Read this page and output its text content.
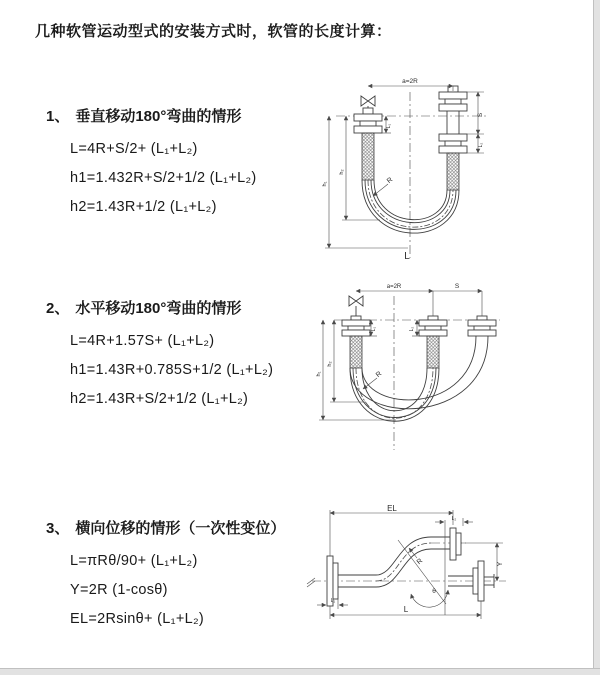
几种软管运动型式的安装方式时，软管的长度计算：
1、 垂直移动180°弯曲的情形
L=4R+S/2+ (L₁+L₂)
h1=1.432R+S/2+1/2 (L₁+L₂)
h2=1.43R+1/2 (L₁+L₂)
a=2R
h₁
h₂
L₁
S
L₂
R
L
2、 水平移动180°弯曲的情形
L=4R+1.57S+ (L₁+L₂)
h1=1.43R+0.785S+1/2 (L₁+L₂)
h2=1.43R+S/2+1/2 (L₁+L₂)
a=2R	S
h₁
h₂
L₁	L₂
R
3、 横向位移的情形（一次性变位）
L=πRθ/90+ (L₁+L₂)
Y=2R (1-cosθ)
EL=2Rsinθ+ (L₁+L₂)
EL
L₂
Y
L
L₁
θ
R
